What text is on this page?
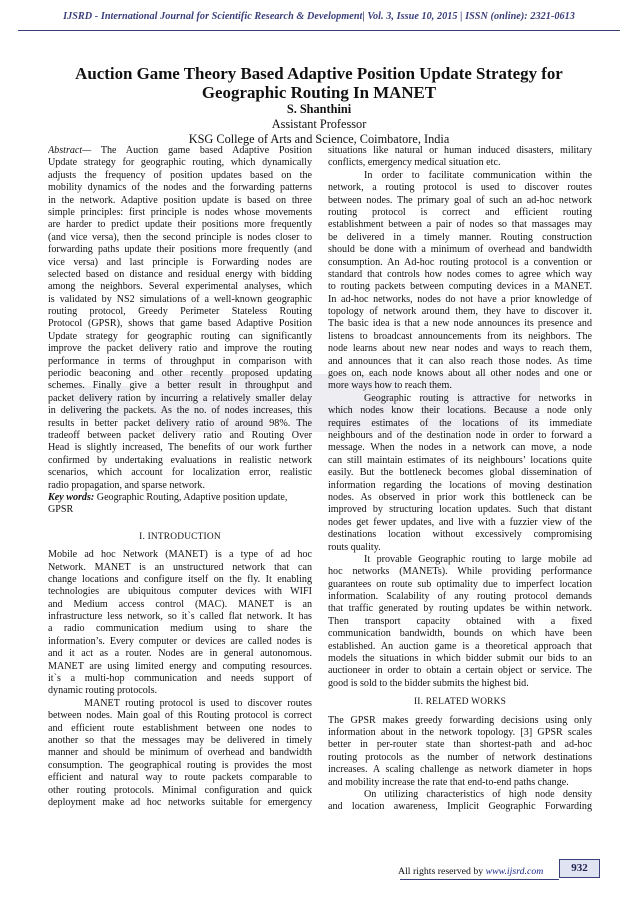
IJSRD - International Journal for Scientific Research & Development| Vol. 3, Issue 10, 2015 | ISSN (online): 2321-0613
Auction Game Theory Based Adaptive Position Update Strategy for
Geographic Routing In MANET
S. Shanthini
Assistant Professor
KSG College of Arts and Science, Coimbatore, India
Abstract— The Auction game based Adaptive Position
Update strategy for geographic routing, which dynamically
adjusts the frequency of position updates based on the
mobility dynamics of the nodes and the forwarding patterns
in the network. Adaptive position update is based on three
simple principles: first principle is nodes whose movements
are harder to predict update their positions more frequently
(and vice versa), then the second principle is nodes closer to
forwarding paths update their positions more frequently (and
vice versa) and last principle is Forwarding nodes are
selected based on distance and residual energy with bidding
among the neighbors. Several experimental analyses, which
is validated by NS2 simulations of a well-known geographic
routing protocol, Greedy Perimeter Stateless Routing
Protocol (GPSR), shows that game based Adaptive Position
Update strategy for geographic routing can significantly
improve the packet delivery ratio and improve the routing
performance in terms of throughput in comparison with
periodic beaconing and other recently proposed updating
schemes. Finally give a better result in throughput and
packet delivery ration by incurring a relatively smaller delay
in delivering the packets. As the no. of nodes increases, this
results in better packet delivery ratio of around 98%. The
tradeoff between packet delivery ratio and Routing Over
Head is slightly increased, The benefits of our work further
confirmed by undertaking evaluations in realistic network
scenarios, which account for localization error, realistic
radio propagation, and sparse network.
Key words: Geographic Routing, Adaptive position update,
GPSR
I. INTRODUCTION
Mobile ad hoc Network (MANET) is a type of ad hoc
Network. MANET is an unstructured network that can
change locations and configure itself on the fly. It enabling
technologies are ubiquitous computer devices with WIFI
and Medium access control (MAC). MANET is an
infrastructure less network, so it`s called flat network. It has
a radio communication medium using to share the
information’s. Every computer or devices are called nodes is
and it act as a router. Nodes are in general autonomous.
MANET are using limited energy and computing resources.
it`s a multi-hop communication and needs support of
dynamic routing protocols.
MANET routing protocol is used to discover routes
between nodes. Main goal of this Routing protocol is correct
and efficient route establishment between one nodes to
another so that the messages may be delivered in timely
manner and should be minimum of overhead and bandwidth
consumption. The geographical routing is provides the most
efficient and natural way to route packets comparable to
other routing protocols. Minimal configuration and quick
deployment make ad hoc networks suitable for emergency
situations like natural or human induced disasters, military
conflicts, emergency medical situation etc.
In order to facilitate communication within the
network, a routing protocol is used to discover routes
between nodes. The primary goal of such an ad-hoc network
routing protocol is correct and efficient routing
establishment between a pair of nodes so that massages may
be delivered in a timely manner. Routing construction
should be done with a minimum of overhead and bandwidth
consumption. An Ad-hoc routing protocol is a convention or
standard that controls how nodes comes to agree which way
to routing packets between computing devices in a MANET.
In ad-hoc networks, nodes do not have a prior knowledge of
topology of network around them, they have to discover it.
The basic idea is that a new node announces its presence and
listens to broadcast announcements from its neighbors. The
node learns about new near nodes and ways to reach them,
and announces that it can also reach those nodes. As time
goes on, each node knows about all other nodes and one or
more ways how to reach them.
Geographic routing is attractive for networks in
which nodes know their locations. Because a node only
requires estimates of the locations of its immediate
neighbours and of the destination node in order to forward a
message. When the nodes in a network can move, a node
can still maintain estimates of its neighbours’ locations quite
easily. But the bottleneck becomes global dissemination of
information regarding the locations of moving destination
nodes. As observed in prior work this bottleneck can be
improved by structuring location updates. Such that distant
nodes get fewer updates, and live with a fuzzier view of the
destinations location without excessively compromising
routs quality.
It provable Geographic routing to large mobile ad
hoc networks (MANETs). While providing performance
guarantees on route sub optimality due to imperfect location
information. Scalability of any routing protocol demands
that traffic generated by routing updates be within network.
Then transport capacity obtained with a fixed
communication bandwidth, bounds on which have been
established. An auction game is a theoretical approach that
models the situations in which bidder submit our bids to an
auctioneer in order to obtain a certain object or service. The
good is sold to the bidder submits the highest bid.
II. RELATED WORKS
The GPSR makes greedy forwarding decisions using only
information about in the network topology. [3] GPSR scales
better in per-router state than shortest-path and ad-hoc
routing protocols as the number of network destinations
increases. A scaling challenge as network diameter in hops
and mobility increase the rate that end-to-end paths change.
On utilizing characteristics of high node density
and location awareness, Implicit Geographic Forwarding
All rights reserved by www.ijsrd.com	932
